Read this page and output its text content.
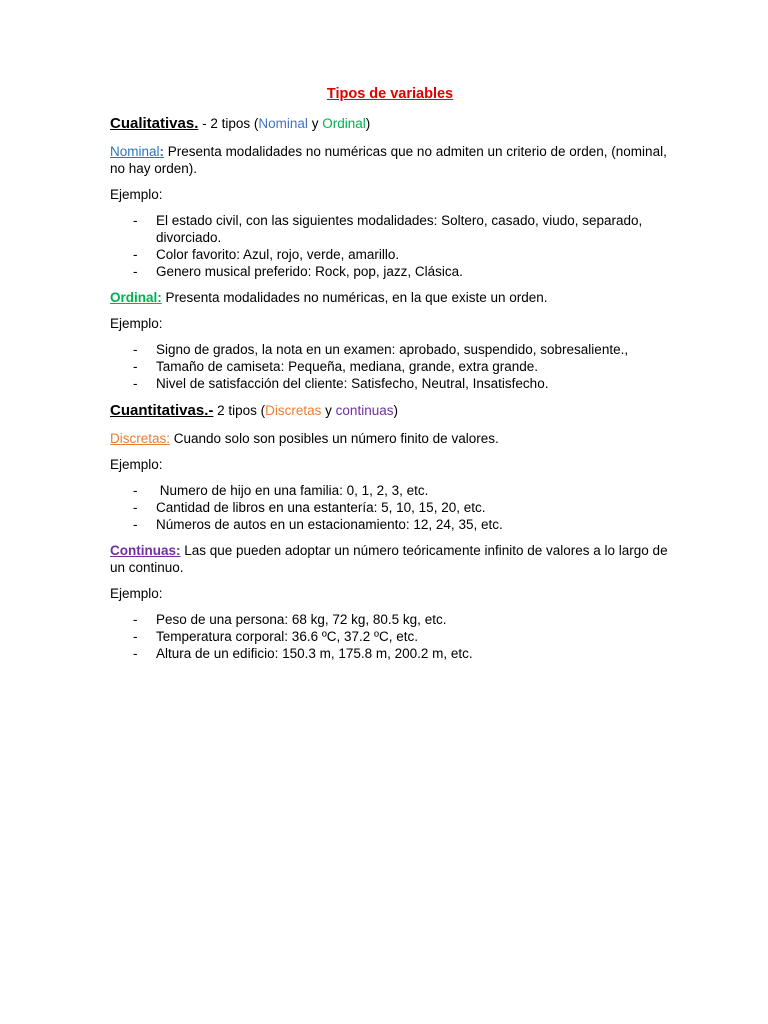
Tipos de variables
Cualitativas. - 2 tipos (Nominal y Ordinal)
Nominal: Presenta modalidades no numéricas que no admiten un criterio de orden, (nominal, no hay orden).
Ejemplo:
- El estado civil, con las siguientes modalidades: Soltero, casado, viudo, separado, divorciado.
- Color favorito: Azul, rojo, verde, amarillo.
- Genero musical preferido: Rock, pop, jazz, Clásica.
Ordinal: Presenta modalidades no numéricas, en la que existe un orden.
Ejemplo:
- Signo de grados, la nota en un examen: aprobado, suspendido, sobresaliente.,
- Tamaño de camiseta: Pequeña, mediana, grande, extra grande.
- Nivel de satisfacción del cliente: Satisfecho, Neutral, Insatisfecho.
Cuantitativas.- 2 tipos (Discretas y continuas)
Discretas: Cuando solo son posibles un número finito de valores.
Ejemplo:
- Numero de hijo en una familia: 0, 1, 2, 3, etc.
- Cantidad de libros en una estantería: 5, 10, 15, 20, etc.
- Números de autos en un estacionamiento: 12, 24, 35, etc.
Continuas: Las que pueden adoptar un número teóricamente infinito de valores a lo largo de un continuo.
Ejemplo:
- Peso de una persona: 68 kg, 72 kg, 80.5 kg, etc.
- Temperatura corporal: 36.6 ºC, 37.2 ºC, etc.
- Altura de un edificio: 150.3 m, 175.8 m, 200.2 m, etc.
